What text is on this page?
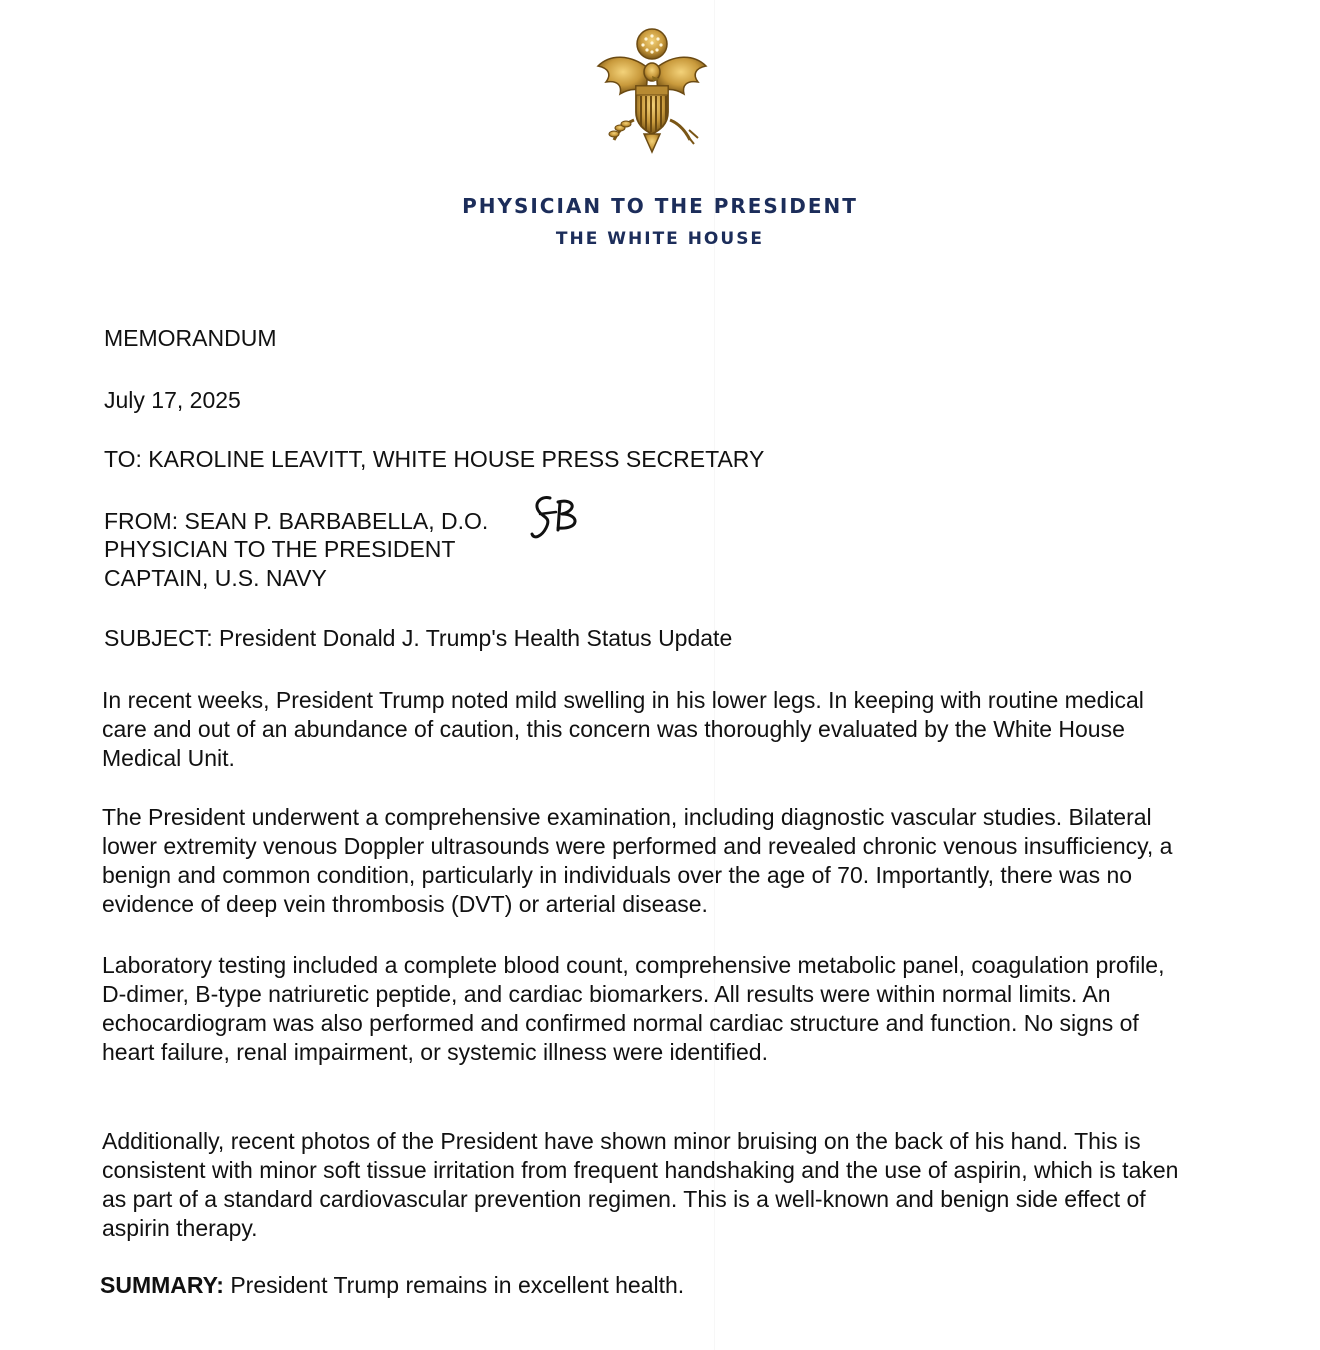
PHYSICIAN TO THE PRESIDENT
THE WHITE HOUSE
MEMORANDUM
July 17, 2025
TO: KAROLINE LEAVITT, WHITE HOUSE PRESS SECRETARY
FROM: SEAN P. BARBABELLA, D.O.
PHYSICIAN TO THE PRESIDENT
CAPTAIN, U.S. NAVY
SUBJECT: President Donald J. Trump's Health Status Update

In recent weeks, President Trump noted mild swelling in his lower legs. In keeping with routine medical care and out of an abundance of caution, this concern was thoroughly evaluated by the White House Medical Unit.

The President underwent a comprehensive examination, including diagnostic vascular studies. Bilateral lower extremity venous Doppler ultrasounds were performed and revealed chronic venous insufficiency, a benign and common condition, particularly in individuals over the age of 70. Importantly, there was no evidence of deep vein thrombosis (DVT) or arterial disease.

Laboratory testing included a complete blood count, comprehensive metabolic panel, coagulation profile, D-dimer, B-type natriuretic peptide, and cardiac biomarkers. All results were within normal limits. An echocardiogram was also performed and confirmed normal cardiac structure and function. No signs of heart failure, renal impairment, or systemic illness were identified.

Additionally, recent photos of the President have shown minor bruising on the back of his hand. This is consistent with minor soft tissue irritation from frequent handshaking and the use of aspirin, which is taken as part of a standard cardiovascular prevention regimen. This is a well-known and benign side effect of aspirin therapy.

SUMMARY: President Trump remains in excellent health.
